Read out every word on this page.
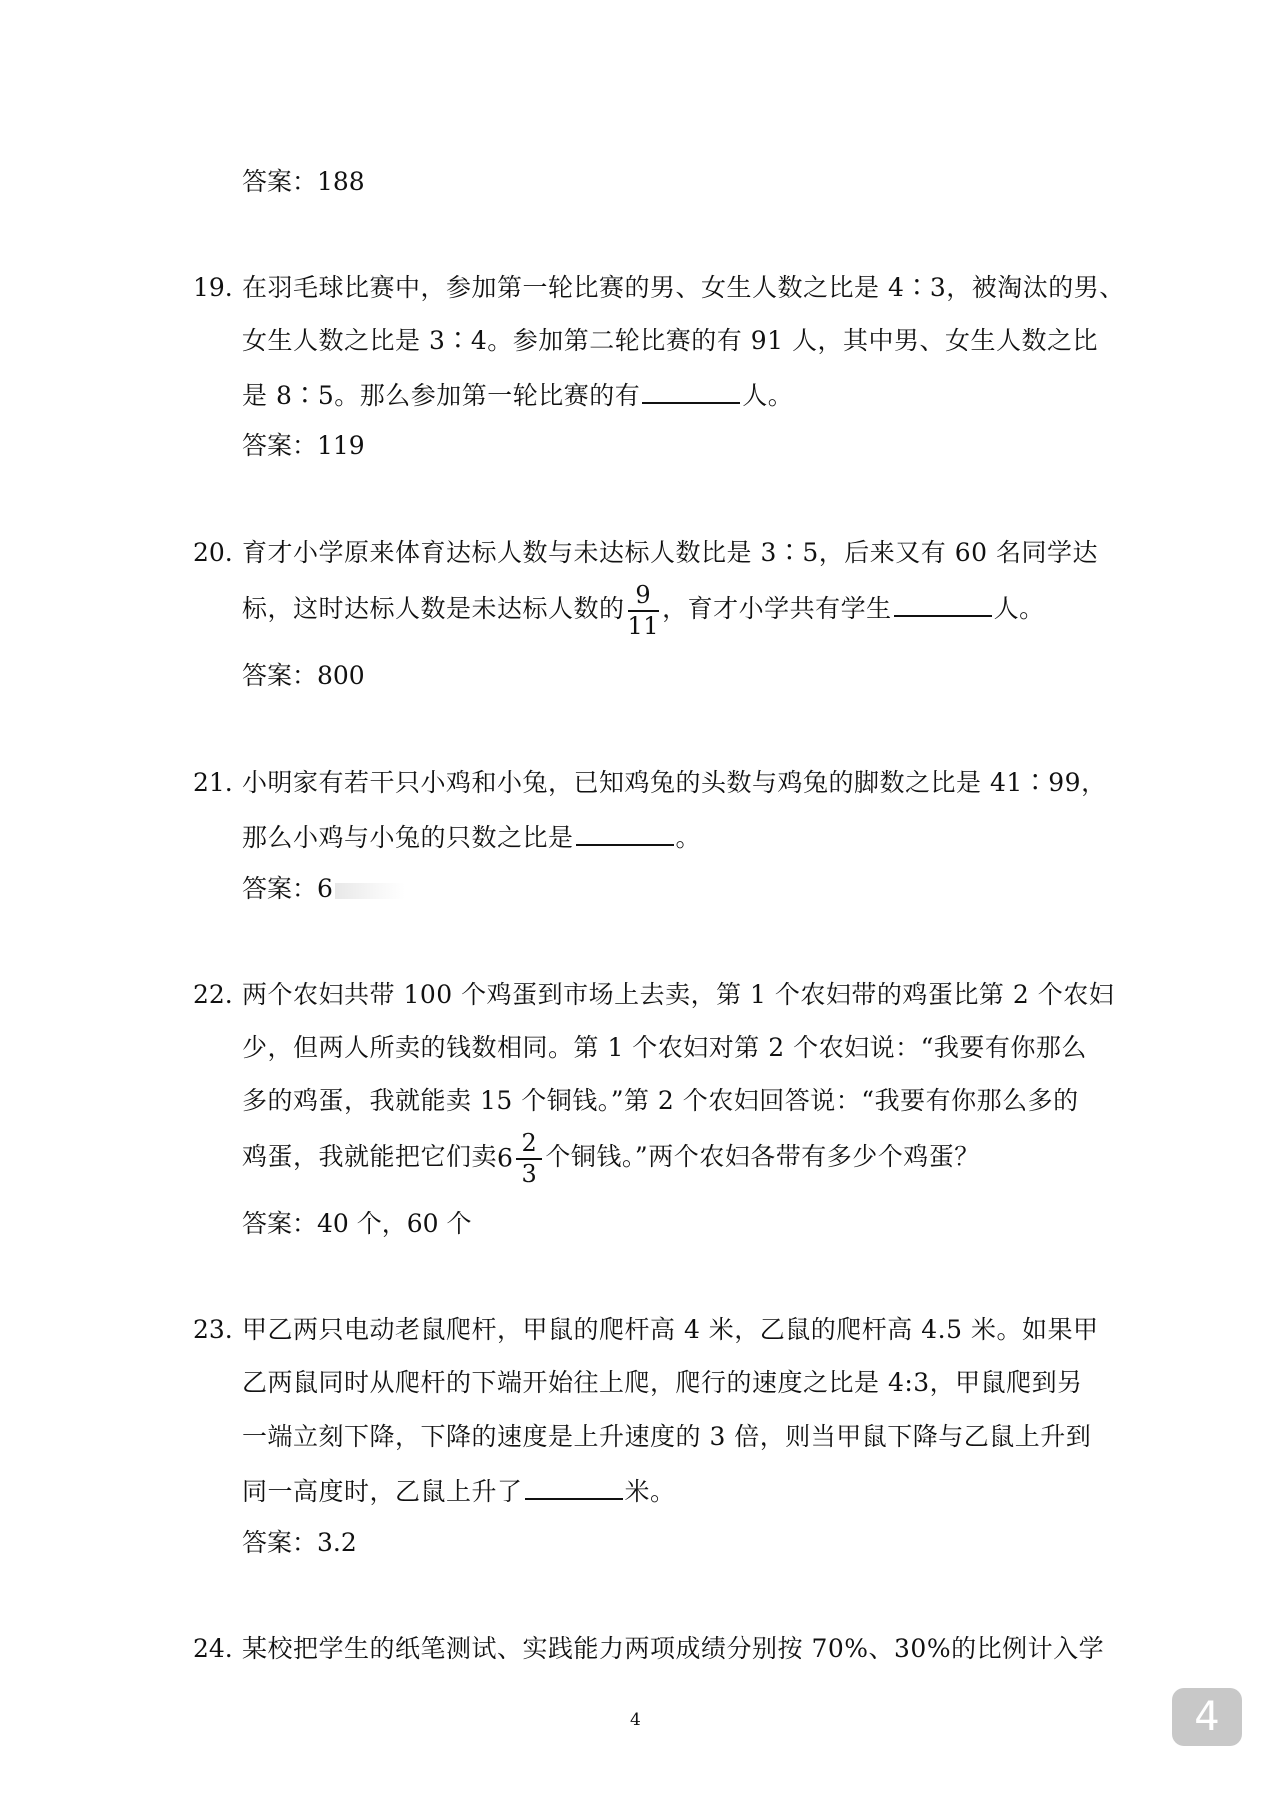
答案：188
19. 在羽毛球比赛中，参加第一轮比赛的男、女生人数之比是 4∶3，被淘汰的男、
女生人数之比是 3∶4。参加第二轮比赛的有 91 人，其中男、女生人数之比
是 8∶5。那么参加第一轮比赛的有	人。
答案：119
20. 育才小学原来体育达标人数与未达标人数比是 3∶5，后来又有 60 名同学达
标，这时达标人数是未达标人数的 $\frac{9}{11}$ ，育才小学共有学生	人。
答案：800
21. 小明家有若干只小鸡和小兔，已知鸡兔的头数与鸡兔的脚数之比是 41∶99，
那么小鸡与小兔的只数之比是	。
答案：6
22. 两个农妇共带 100 个鸡蛋到市场上去卖，第 1 个农妇带的鸡蛋比第 2 个农妇
少，但两人所卖的钱数相同。第 1 个农妇对第 2 个农妇说：“我要有你那么
多的鸡蛋，我就能卖 15 个铜钱。”第 2 个农妇回答说：“我要有你那么多的
鸡蛋，我就能把它们卖$6 \frac{2}{3}$ 个铜钱。”两个农妇各带有多少个鸡蛋？
答案：40 个，60 个
23. 甲乙两只电动老鼠爬杆，甲鼠的爬杆高 4 米，乙鼠的爬杆高 4.5 米。如果甲
乙两鼠同时从爬杆的下端开始往上爬，爬行的速度之比是 4:3，甲鼠爬到另
一端立刻下降，下降的速度是上升速度的 3 倍，则当甲鼠下降与乙鼠上升到
同一高度时，乙鼠上升了	米。
答案：3.2
24. 某校把学生的纸笔测试、实践能力两项成绩分别按 70%、30%的比例计入学
4	4
